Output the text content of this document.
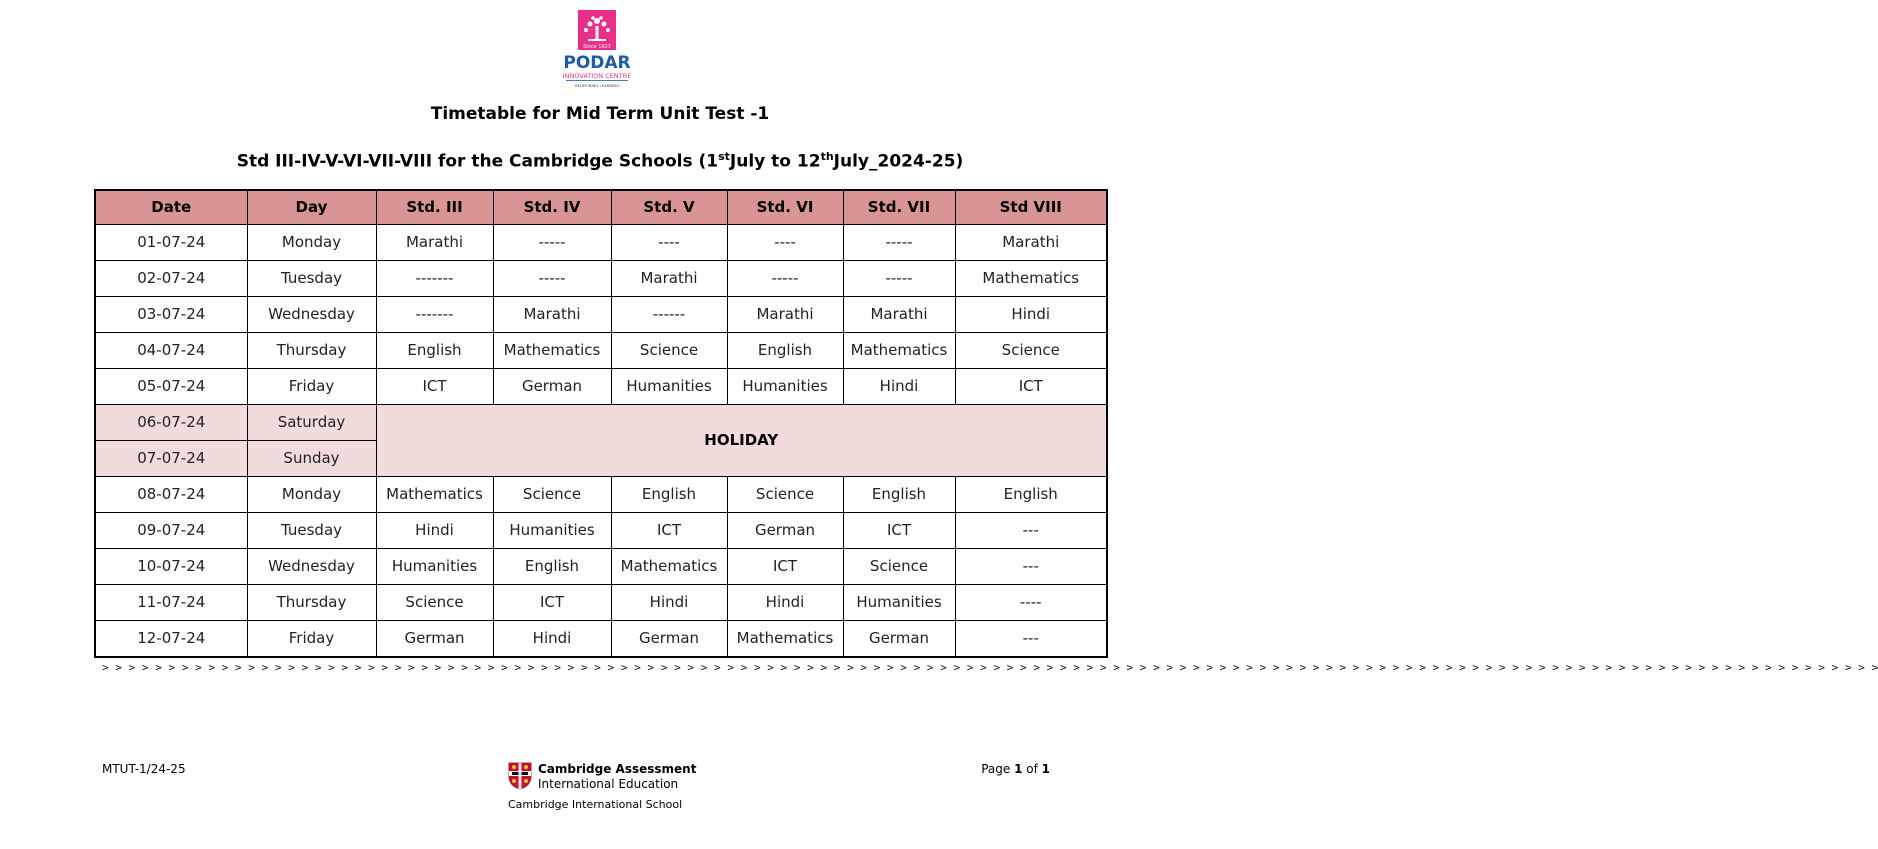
Since 1927
PODAR
INNOVATION CENTRE
REDEFINING LEARNING
Timetable for Mid Term Unit Test -1
Std III-IV-V-VI-VII-VIII for the Cambridge Schools (1stJuly to 12thJuly_2024-25)
Date	Day	Std. III	Std. IV	Std. V	Std. VI	Std. VII	Std VIII
01-07-24	Monday	Marathi	-----	----	----	-----	Marathi
02-07-24	Tuesday	-------	-----	Marathi	-----	-----	Mathematics
03-07-24	Wednesday	-------	Marathi	------	Marathi	Marathi	Hindi
04-07-24	Thursday	English	Mathematics	Science	English	Mathematics	Science
05-07-24	Friday	ICT	German	Humanities	Humanities	Hindi	ICT
06-07-24	Saturday	HOLIDAY					
07-07-24	Sunday						
08-07-24	Monday	Mathematics	Science	English	Science	English	English
09-07-24	Tuesday	Hindi	Humanities	ICT	German	ICT	---
10-07-24	Wednesday	Humanities	English	Mathematics	ICT	Science	---
11-07-24	Thursday	Science	ICT	Hindi	Hindi	Humanities	----
12-07-24	Friday	German	Hindi	German	Mathematics	German	---
> > > > > > > > > > > > > > > > > > > > > > > > > > > > > > > > > > > > > > > > > > > > > > > > > > > > > > > > > > > > > > > > > > > > > > > > > > > > > > > > > > > > > > > > > > > > > > > > > > > > > > > > > > > > > > > > > > > > > > > > > > > > > > > > > > > > > >
MTUT-1/24-25	Cambridge Assessment
International Education
Cambridge International School
Page 1 of 1
